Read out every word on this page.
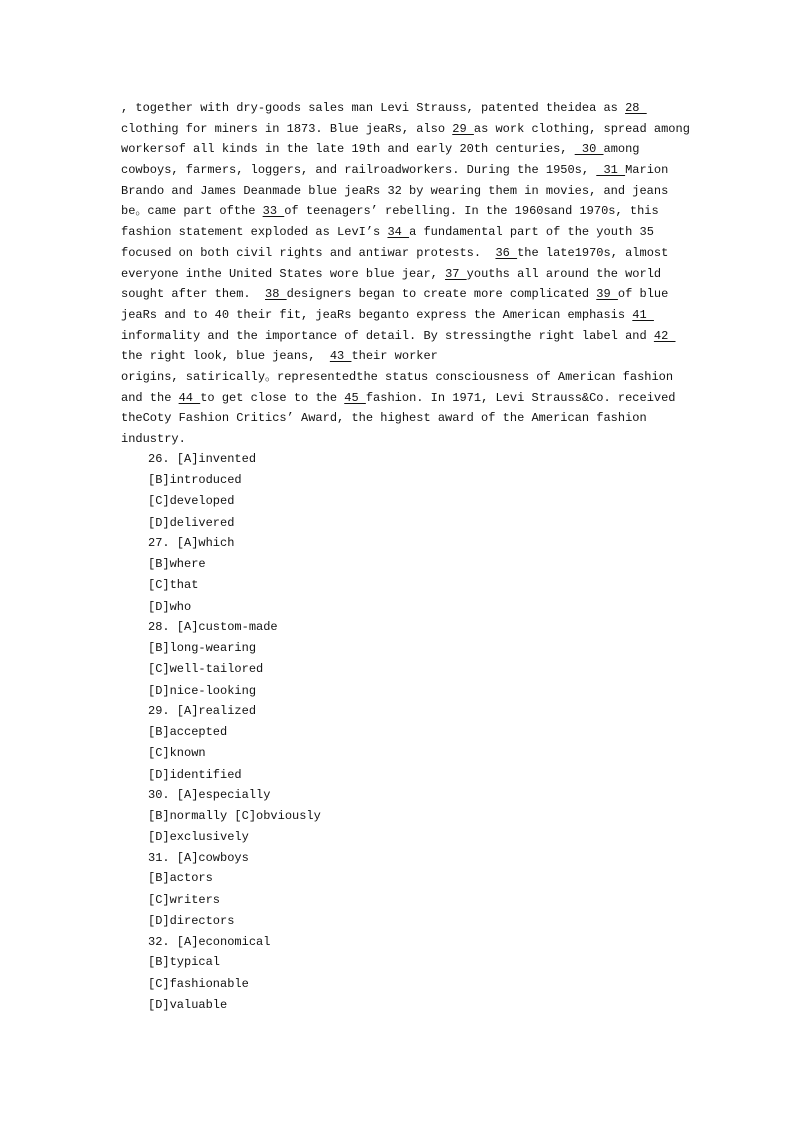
, together with dry-goods sales man Levi Strauss, patented theidea as 28
clothing for miners in 1873. Blue jeaRs, also 29 as work clothing, spread among
workersof all kinds in the late 19th and early 20th centuries,  30 among
cowboys, farmers, loggers, and railroadworkers. During the 1950s,  31 Marion
Brando and James Deanmade blue jeaRs 32 by wearing them in movies, and jeans
be。came part ofthe 33 of teenagers’ rebelling. In the 1960sand 1970s, this
fashion statement exploded as LevI’s 34 a fundamental part of the youth 35
focused on both civil rights and antiwar protests.  36 the late1970s, almost
everyone inthe United States wore blue jear, 37 youths all around the world
sought after them.  38 designers began to create more complicated 39 of blue
jeaRs and to 40 their fit, jeaRs beganto express the American emphasis 41
informality and the importance of detail. By stressingthe right label and 42
the right look, blue jeans,  43 their worker
origins, satirically。representedthe status consciousness of American fashion
and the 44 to get close to the 45 fashion. In 1971, Levi Strauss&Co. received
theCoty Fashion Critics’ Award, the highest award of the American fashion
industry.
26. [A]invented
[B]introduced
[C]developed
[D]delivered
27. [A]which
[B]where
[C]that
[D]who
28. [A]custom-made
[B]long-wearing
[C]well-tailored
[D]nice-looking
29. [A]realized
[B]accepted
[C]known
[D]identified
30. [A]especially
[B]normally [C]obviously
[D]exclusively
31. [A]cowboys
[B]actors
[C]writers
[D]directors
32. [A]economical
[B]typical
[C]fashionable
[D]valuable
